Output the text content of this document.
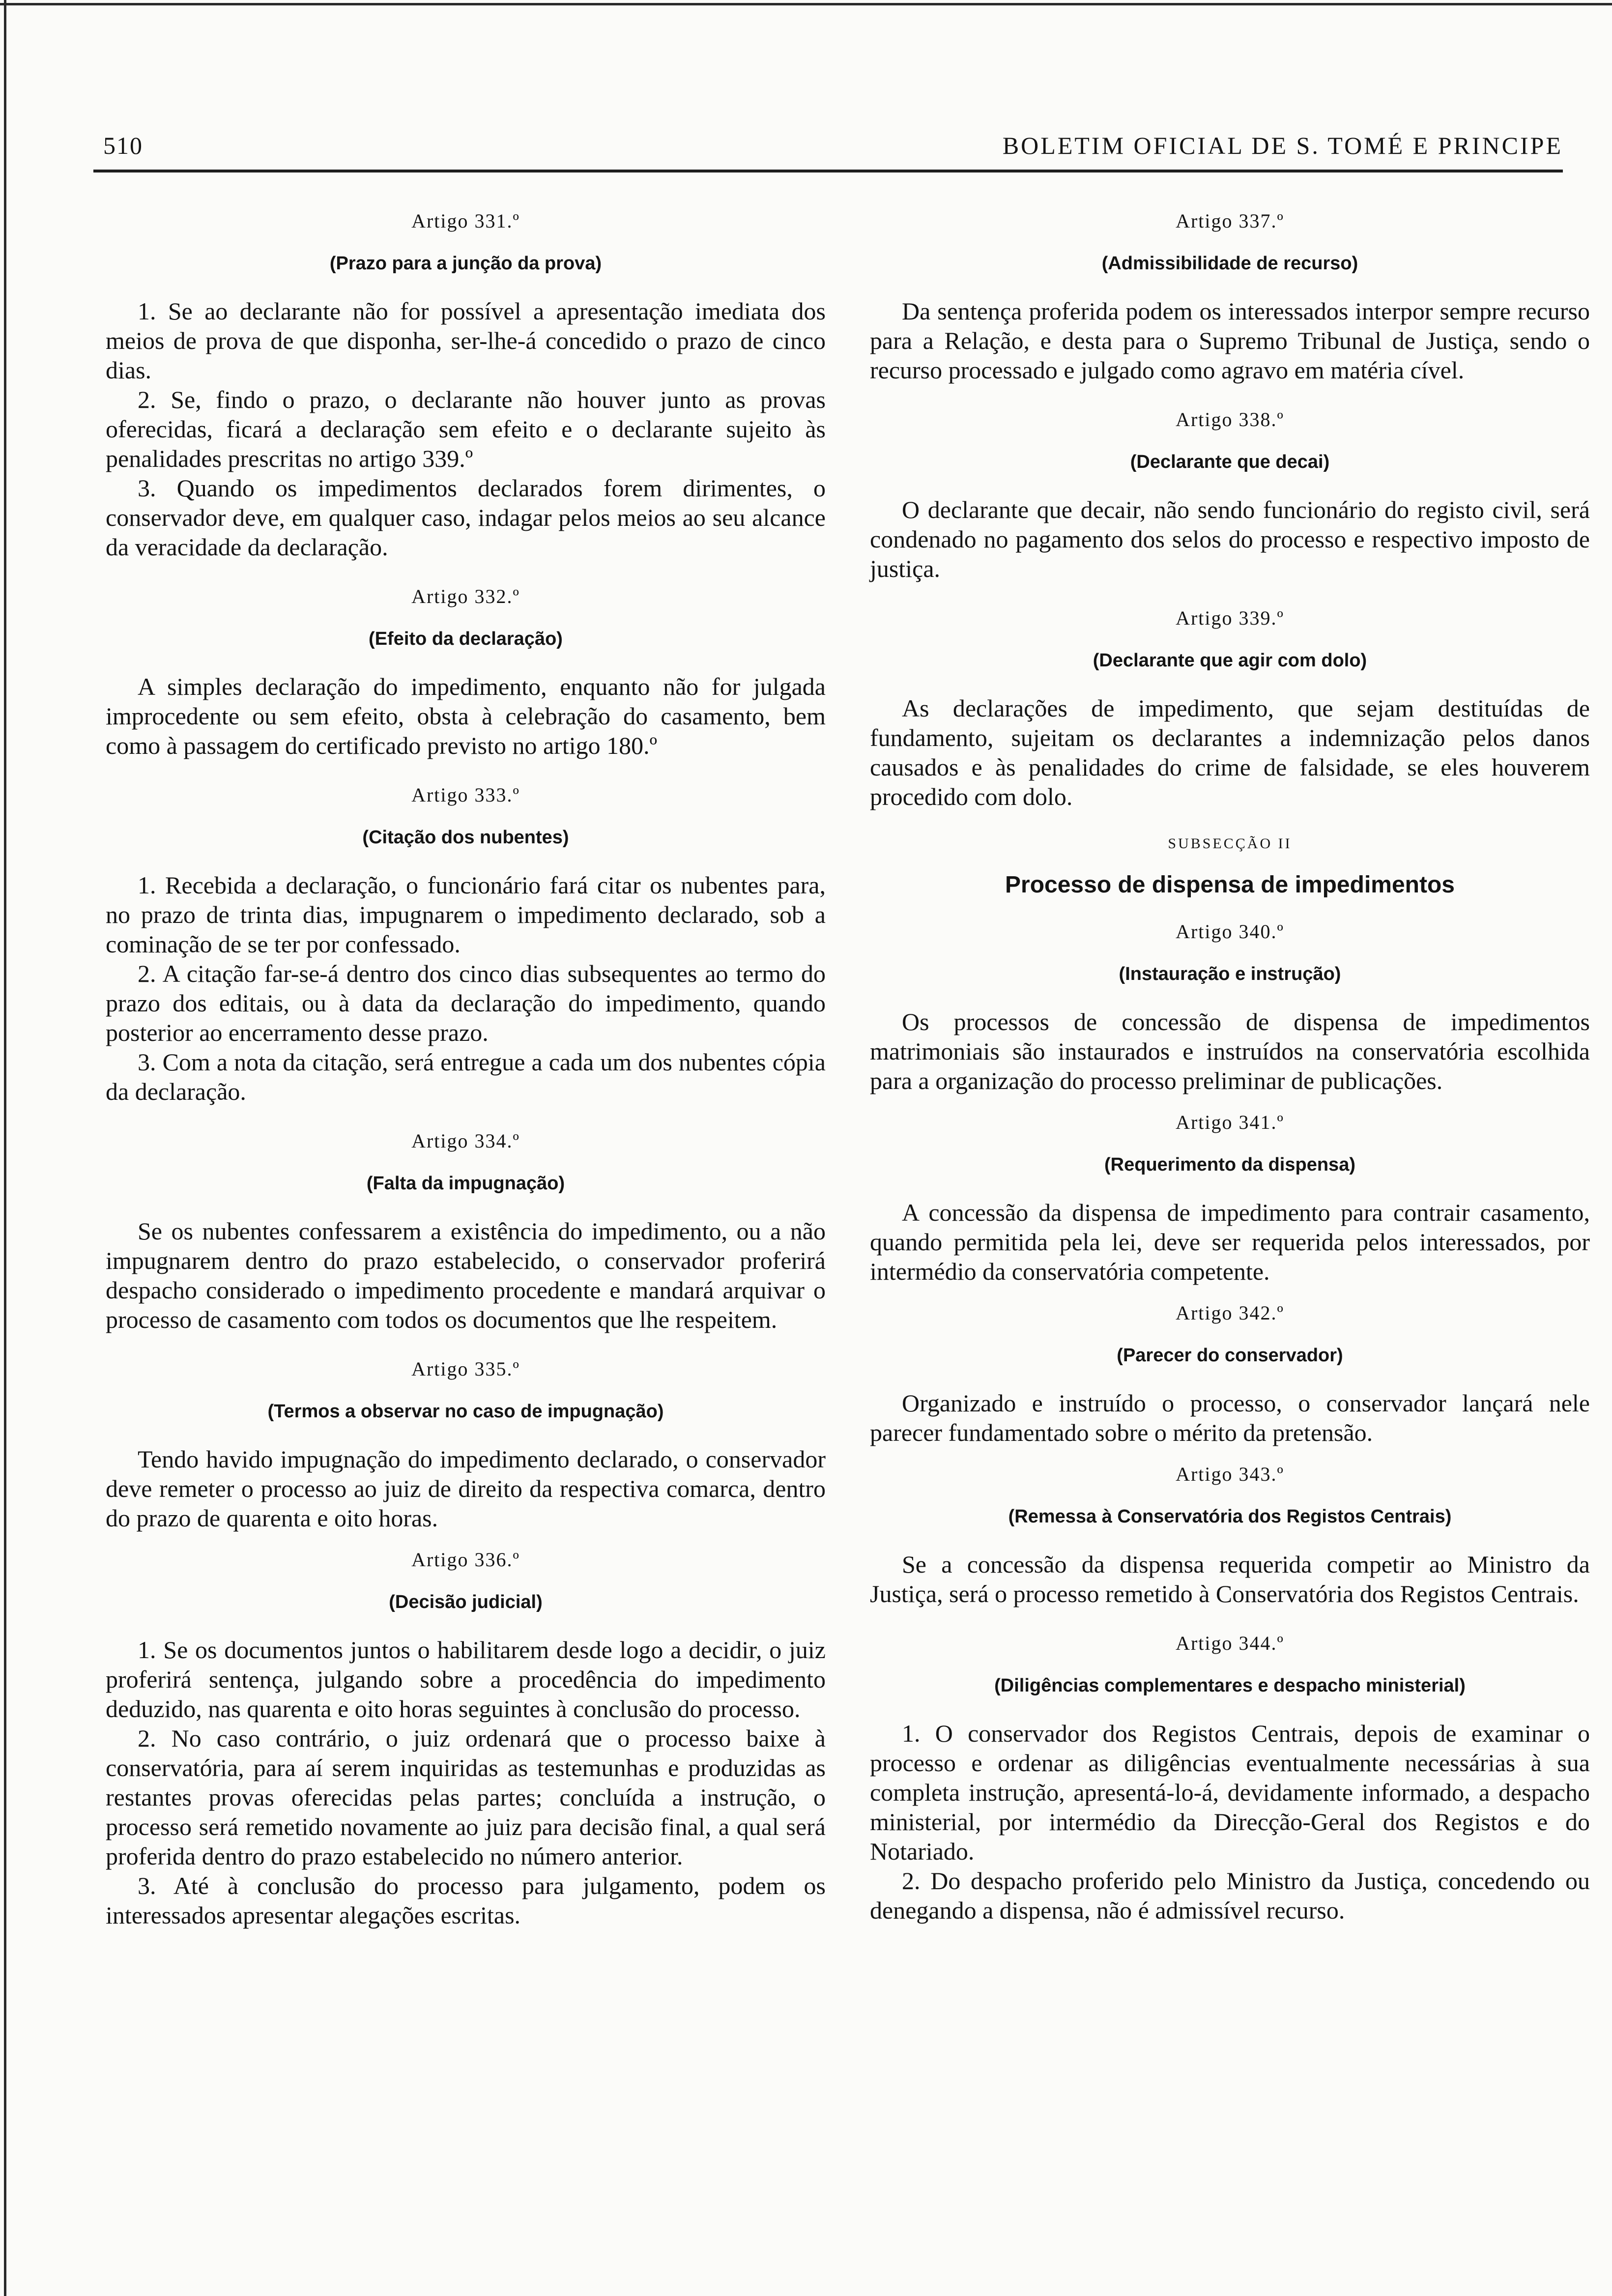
510	BOLETIM OFICIAL DE S. TOMÉ E PRINCIPE
Artigo 331.º
(Prazo para a junção da prova)

1. Se ao declarante não for possível a apresentação imediata dos meios de prova de que disponha, ser-lhe-á concedido o prazo de cinco dias.

2. Se, findo o prazo, o declarante não houver junto as provas oferecidas, ficará a declaração sem efeito e o declarante sujeito às penalidades prescritas no artigo 339.º

3. Quando os impedimentos declarados forem dirimentes, o conservador deve, em qualquer caso, indagar pelos meios ao seu alcance da veracidade da declaração.

Artigo 332.º
(Efeito da declaração)

A simples declaração do impedimento, enquanto não for julgada improcedente ou sem efeito, obsta à celebração do casamento, bem como à passagem do certificado previsto no artigo 180.º

Artigo 333.º
(Citação dos nubentes)

1. Recebida a declaração, o funcionário fará citar os nubentes para, no prazo de trinta dias, impugnarem o impedimento declarado, sob a cominação de se ter por confessado.

2. A citação far-se-á dentro dos cinco dias subsequentes ao termo do prazo dos editais, ou à data da declaração do impedimento, quando posterior ao encerramento desse prazo.

3. Com a nota da citação, será entregue a cada um dos nubentes cópia da declaração.

Artigo 334.º
(Falta da impugnação)

Se os nubentes confessarem a existência do impedimento, ou a não impugnarem dentro do prazo estabelecido, o conservador proferirá despacho considerado o impedimento procedente e mandará arquivar o processo de casamento com todos os documentos que lhe respeitem.

Artigo 335.º
(Termos a observar no caso de impugnação)

Tendo havido impugnação do impedimento declarado, o conservador deve remeter o processo ao juiz de direito da respectiva comarca, dentro do prazo de quarenta e oito horas.

Artigo 336.º
(Decisão judicial)

1. Se os documentos juntos o habilitarem desde logo a decidir, o juiz proferirá sentença, julgando sobre a procedência do impedimento deduzido, nas quarenta e oito horas seguintes à conclusão do processo.

2. No caso contrário, o juiz ordenará que o processo baixe à conservatória, para aí serem inquiridas as testemunhas e produzidas as restantes provas oferecidas pelas partes; concluída a instrução, o processo será remetido novamente ao juiz para decisão final, a qual será proferida dentro do prazo estabelecido no número anterior.

3. Até à conclusão do processo para julgamento, podem os interessados apresentar alegações escritas.

Artigo 337.º
(Admissibilidade de recurso)

Da sentença proferida podem os interessados interpor sempre recurso para a Relação, e desta para o Supremo Tribunal de Justiça, sendo o recurso processado e julgado como agravo em matéria cível.

Artigo 338.º
(Declarante que decai)

O declarante que decair, não sendo funcionário do registo civil, será condenado no pagamento dos selos do processo e respectivo imposto de justiça.

Artigo 339.º
(Declarante que agir com dolo)

As declarações de impedimento, que sejam destituídas de fundamento, sujeitam os declarantes a indemnização pelos danos causados e às penalidades do crime de falsidade, se eles houverem procedido com dolo.

SUBSECÇÃO II
Processo de dispensa de impedimentos
Artigo 340.º
(Instauração e instrução)

Os processos de concessão de dispensa de impedimentos matrimoniais são instaurados e instruídos na conservatória escolhida para a organização do processo preliminar de publicações.

Artigo 341.º
(Requerimento da dispensa)

A concessão da dispensa de impedimento para contrair casamento, quando permitida pela lei, deve ser requerida pelos interessados, por intermédio da conservatória competente.

Artigo 342.º
(Parecer do conservador)

Organizado e instruído o processo, o conservador lançará nele parecer fundamentado sobre o mérito da pretensão.

Artigo 343.º
(Remessa à Conservatória dos Registos Centrais)

Se a concessão da dispensa requerida competir ao Ministro da Justiça, será o processo remetido à Conservatória dos Registos Centrais.

Artigo 344.º
(Diligências complementares e despacho ministerial)

1. O conservador dos Registos Centrais, depois de examinar o processo e ordenar as diligências eventualmente necessárias à sua completa instrução, apresentá-lo-á, devidamente informado, a despacho ministerial, por intermédio da Direcção-Geral dos Registos e do Notariado.

2. Do despacho proferido pelo Ministro da Justiça, concedendo ou denegando a dispensa, não é admissível recurso.
